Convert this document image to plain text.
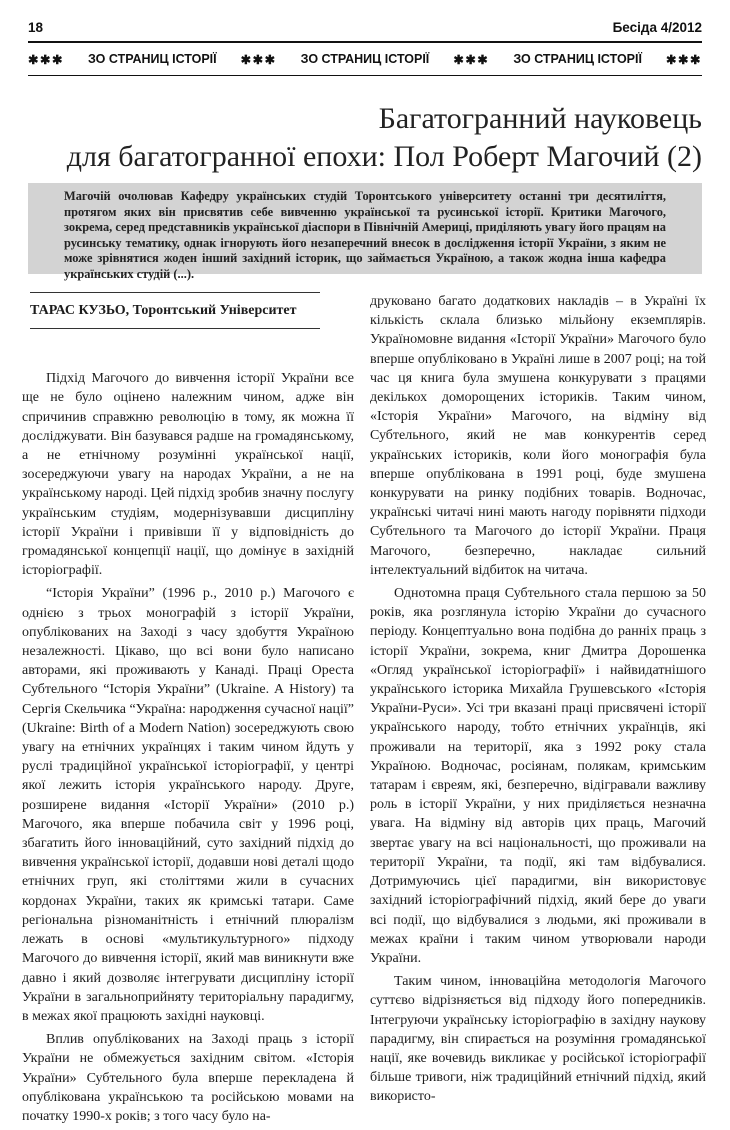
18	Бесіда 4/2012
✱✱✱ ЗО СТРАНИЦ ІСТОРІЇ ✱✱✱ ЗО СТРАНИЦ ІСТОРІЇ ✱✱✱ ЗО СТРАНИЦ ІСТОРІЇ ✱✱✱
Багатогранний науковець
для багатогранної епохи: Пол Роберт Магочий (2)
Магочій очолював Кафедру українських студій Торонтського університету останні три десятиліття, протягом яких він присвятив себе вивченню української та русинської історії. Критики Магочого, зокрема, серед представників української діаспори в Північній Америці, приділяють увагу його працям на русинську тематику, однак ігнорують його незаперечний внесок в дослідження історії України, з яким не може зрівнятися жоден інший західний історик, що займається Україною, а також жодна інша кафедра українських студій (...).
ТАРАС КУЗЬО, Торонтський Університет

Підхід Магочого до вивчення історії України все ще не було оцінено належним чином, адже він спричинив справжню революцію в тому, як можна її досліджувати. Він базувався радше на громадянському, а не етнічному розумінні української нації, зосереджуючи увагу на народах України, а не на українському народі. Цей підхід зробив значну послугу українським студіям, модернізувавши дисципліну історії України і привівши її у відповідність до громадянської концепції нації, що домінує в західній історіографії.

“Історія України” (1996 р., 2010 р.) Магочого є однією з трьох монографій з історії України, опублікованих на Заході з часу здобуття Україною незалежності. Цікаво, що всі вони було написано авторами, які проживають у Канаді. Праці Ореста Субтельного “Історія України” (Ukraine. A History) та Сергія Скельчика “Україна: народження сучасної нації” (Ukraine: Birth of a Modern Nation) зосереджують свою увагу на етнічних українцях і таким чином йдуть у руслі традиційної української історіографії, у центрі якої лежить історія українського народу. Друге, розширене видання «Історії України» (2010 р.) Магочого, яка вперше побачила світ у 1996 році, збагатить його інноваційний, суто західний підхід до вивчення української історії, додавши нові деталі щодо етнічних груп, які століттями жили в сучасних кордонах України, таких як кримські татари. Саме регіональна різноманітність і етнічний плюралізм лежать в основі «мультикультурного» підходу Магочого до вивчення історії, який мав виникнути вже давно і який дозволяє інтегрувати дисципліну історії України в загальноприйняту територіальну парадигму, в межах якої працюють західні науковці.

Вплив опублікованих на Заході праць з історії України не обмежується західним світом. «Історія України» Субтельного була вперше перекладена й опублікована українською та російською мовами на початку 1990-х років; з того часу було на-

друковано багато додаткових накладів – в Україні їх кількість склала близько мільйону екземплярів. Україномовне видання «Історії України» Магочого було вперше опубліковано в Україні лише в 2007 році; на той час ця книга була змушена конкурувати з працями декількох доморощених істориків. Таким чином, «Історія України» Магочого, на відміну від Субтельного, який не мав конкурентів серед українських істориків, коли його монографія була вперше опублікована в 1991 році, буде змушена конкурувати на ринку подібних товарів. Водночас, українські читачі нині мають нагоду порівняти підходи Субтельного та Магочого до історії України. Праця Магочого, безперечно, накладає сильний інтелектуальний відбиток на читача.

Однотомна праця Субтельного стала першою за 50 років, яка розглянула історію України до сучасного періоду. Концептуально вона подібна до ранніх праць з історії України, зокрема, книг Дмитра Дорошенка «Огляд української історіографії» і найвидатнішого українського історика Михайла Грушевського «Історія України-Руси». Усі три вказані праці присвячені історії українського народу, тобто етнічних українців, які проживали на території, яка з 1992 року стала Україною. Водночас, росіянам, полякам, кримським татарам і євреям, які, безперечно, відігравали важливу роль в історії України, у них приділяється незначна увага. На відміну від авторів цих праць, Магочий звертає увагу на всі національності, що проживали на території України, та події, які там відбувалися. Дотримуючись цієї парадигми, він використовує західний історіографічний підхід, який бере до уваги всі події, що відбувалися з людьми, які проживали в межах країни і таким чином утворювали народи України.

Таким чином, інноваційна методологія Магочого суттєво відрізняється від підходу його попередників. Інтегруючи українську історіографію в західну наукову парадигму, він спирається на розуміння громадянської нації, яке вочевидь викликає у російської історіографії більше тривоги, ніж традиційний етнічний підхід, який використо-
